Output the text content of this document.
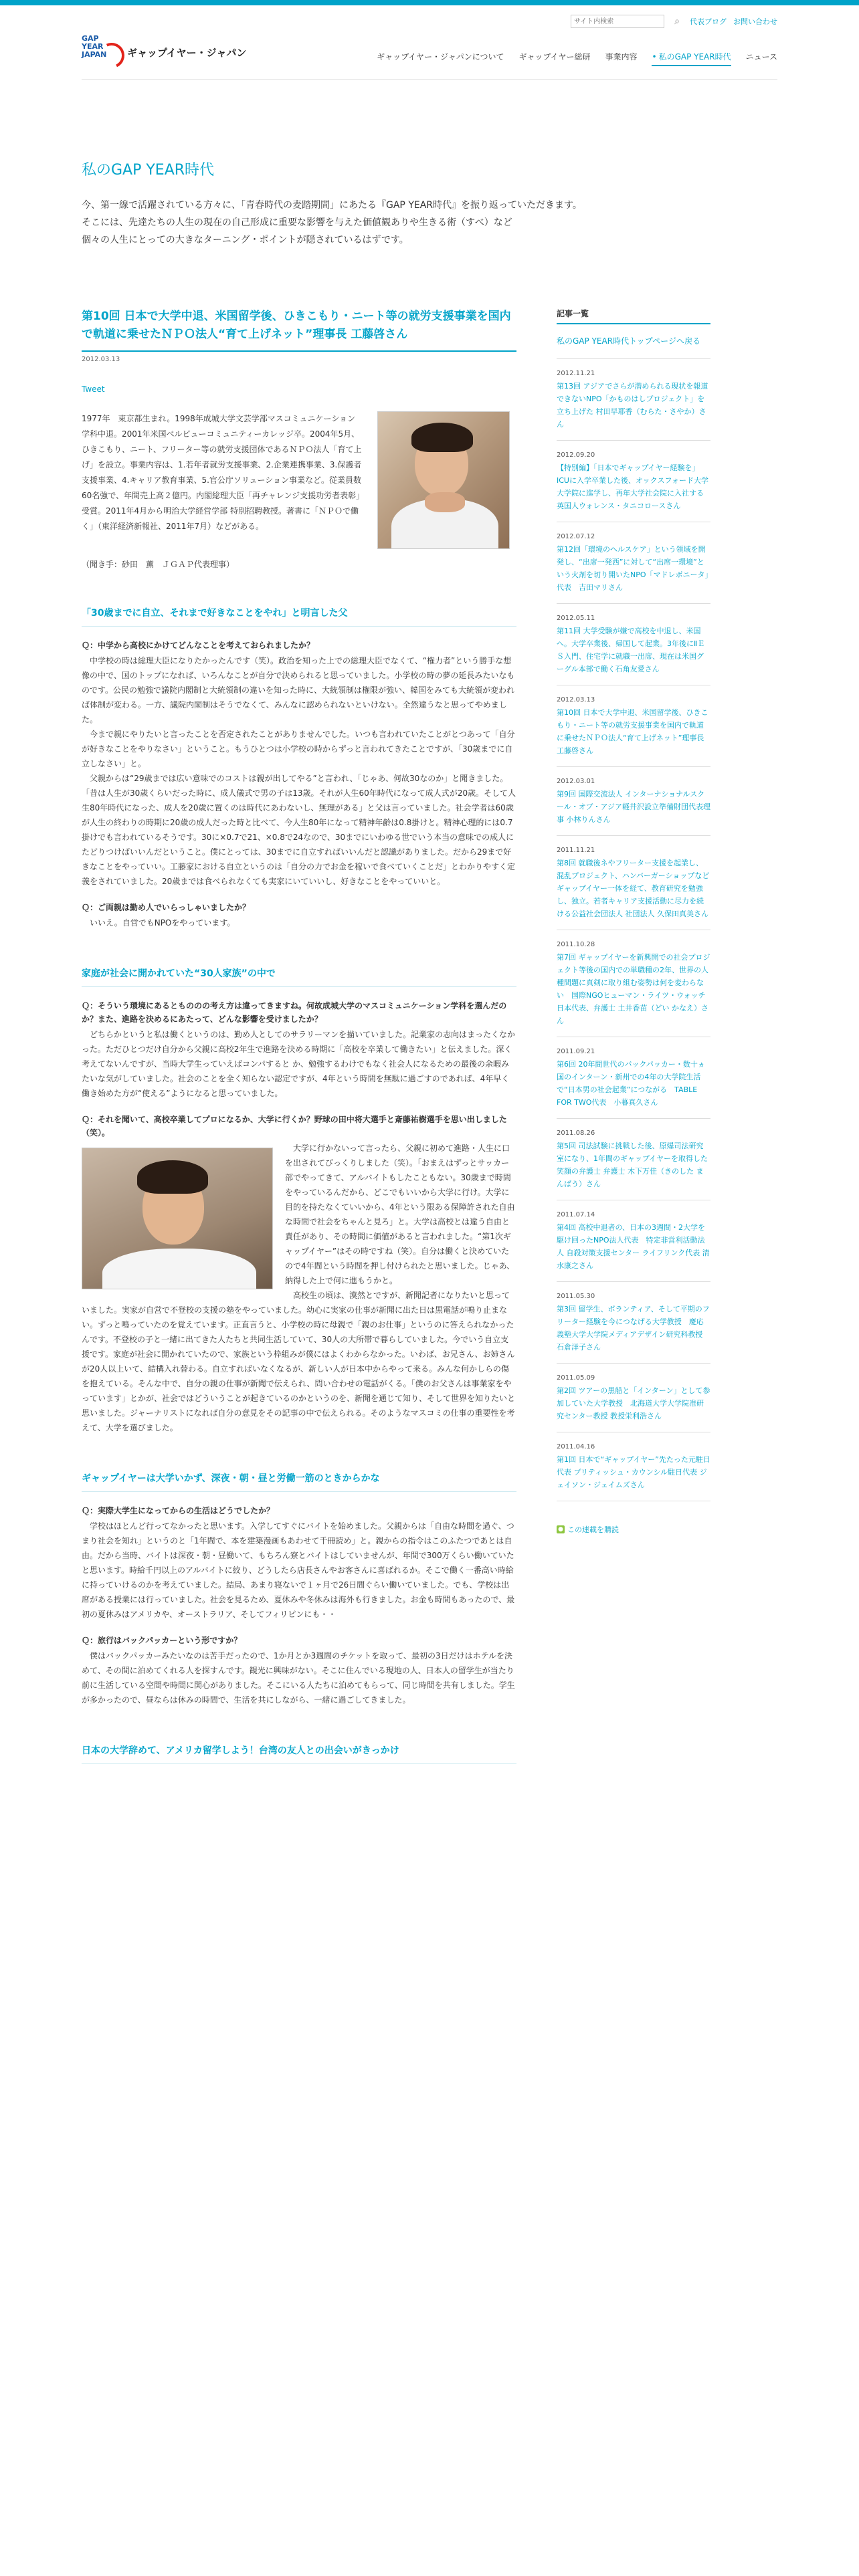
GAP YEAR
JAPAN	ギャップイヤー・ジャパン
サイト内検索
⌕	代表ブログ お問い合わせ
ギャップイヤー・ジャパンについて ギャップイヤー総研 事業内容
•	私のGAP YEAR時代 ニュース
私のGAP YEAR時代
今、第一線で活躍されている方々に、「青春時代の麦踏期間」にあたる『GAP YEAR時代』を振り返っていただきます。
そこには、先達たちの人生の現在の自己形成に重要な影響を与えた価値観ありや生きる術（すべ）など
個々の人生にとっての大きなターニング・ポイントが隠されているはずです。
第10回 日本で大学中退、米国留学後、ひきこもり・ニート等の就労支援事業を国内で軌道に乗せたＮＰＯ法人“育て上げネット”理事長 工藤啓さん
2012.03.13
Tweet
1977年　東京都生まれ。1998年成城大学文芸学部マスコミュニケーション学科中退。2001年米国ベルビューコミュニティーカレッジ卒。2004年5月、ひきこもり、ニート、フリーター等の就労支援団体であるＮＰＯ法人「育て上げ」を設立。事業内容は、1.若年者就労支援事業、2.企業連携事業、3.保護者支援事業、4.キャリア教育事業、5.官公庁ソリューション事業など。従業員数60名強で、年間売上高２億円。内閣総理大臣「再チャレンジ支援功労者表彰」受賞。2011年4月から明治大学経営学部 特別招聘教授。著書に「ＮＰＯで働く」（東洋経済新報社、2011年7月）などがある。
（聞き手：砂田　薫　ＪＧＡＰ代表理事）
「30歳までに自立、それまで好きなことをやれ」と明言した父
Ｑ：中学から高校にかけてどんなことを考えておられましたか？
　中学校の時は総理大臣になりたかったんです（笑）。政治を知った上での総理大臣でなくて、“権力者”という勝手な想像の中で、国のトップになれば、いろんなことが自分で決められると思っていました。小学校の時の夢の延長みたいなものです。公民の勉強で議院内閣制と大統領制の違いを知った時に、大統領制は権限が強い、韓国をみても大統領が変われば体制が変わる。一方、議院内閣制はそうでなくて、みんなに認められないといけない。全然違うなと思ってやめました。
　今まで親にやりたいと言ったことを否定されたことがありませんでした。いつも言われていたことがとつあって「自分が好きなことをやりなさい」ということ。もうひとつは小学校の時からずっと言われてきたことですが、「30歳までに自立しなさい」と。
　父親からは“29歳までは広い意味でのコストは親が出してやる”と言われ、「じゃあ、何故30なのか」と聞きました。「昔は人生が30歳くらいだった時に、成人儀式で男の子は13歳。それが人生60年時代になって成人式が20歳。そして人生80年時代になった、成人を20歳に置くのは時代にあわないし、無理がある」と父は言っていました。社会学者は60歳が人生の終わりの時期に20歳の成人だった時と比べて、今人生80年になって精神年齢は0.8掛けと。精神心理的には0.7掛けでも言われているそうです。30に×0.7で21、×0.8で24なので、30までにいわゆる世でいう本当の意味での成人にたどりつけばいいんだということ。僕にとっては、30までに自立すればいいんだと認識がありました。だから29まで好きなことをやっていい。工藤家における自立というのは「自分の力でお金を稼いで食べていくことだ」とわかりやすく定義をされていました。20歳までは食べられなくても実家にいていいし、好きなことをやっていいと。
Ｑ：ご両親は勤め人でいらっしゃいましたか？
　いいえ。自営でもNPOをやっています。
家庭が社会に開かれていた“30人家族”の中で
Ｑ：そういう環境にあるともののの考え方は違ってきますね。何故成城大学のマスコミュニケーション学科を選んだのか？また、進路を決めるにあたって、どんな影響を受けましたか？
　どちらかというと私は働くというのは、勤め人としてのサラリーマンを描いていました。記業家の志向はまったくなかった。ただひとつだけ自分から父親に高校2年生で進路を決める時期に「高校を卒業して働きたい」と伝えました。深く考えてないんですが、当時大学生っていえばコンパすると か、勉強するわけでもなく社会人になるための最後の余暇みたいな気がしていました。社会のことを全く知らない認定ですが、4年という時間を無駄に過ごすのであれば、4年早く働き始めた方が“使える”ようになると思っていました。
Ｑ：それを聞いて、高校卒業してプロになるか、大学に行くか？野球の田中将大選手と斎藤祐樹選手を思い出しました（笑）。
　大学に行かないって言ったら、父親に初めて進路・人生に口を出されてびっくりしました（笑）。「おまえはずっとサッカー部でやってきて、アルバイトもしたこともない。30歳まで時間をやっているんだから、どこでもいいから大学に行け。大学に目的を持たなくていいから、4年という限ある保障許された自由な時間で社会をちゃんと見ろ」と。大学は高校とは違う自由と責任があり、その時間に価値があると言われました。“第1次ギャップイヤー”はその時ですね（笑）。自分は働くと決めていたので4年間という時間を押し付けられたと思いました。じゃあ、納得した上で何に進もうかと。
　高校生の頃は、漠然とですが、新聞記者になりたいと思っていました。実家が自営で不登校の支援の塾をやっていました。幼心に実家の仕事が新聞に出た日は黒電話が鳴り止まない。ずっと鳴っていたのを覚えています。正直言うと、小学校の時に母親で「親のお仕事」というのに答えられなかった んです。不登校の子と一緒に出てきた人たちと共同生活していて、30人の大所帯で暮らしていました。今でいう自立支援です。家庭が社会に開かれていたので、家族という枠組みが僕にはよくわからなかった。いわば、お兄さん、お姉さんが20人以上いて、結構入れ替わる。自立すればいなくなるが、新しい人が日本中からやって来る。みんな何かしらの傷を抱えている。そんな中で、自分の親の仕事が新聞で伝えられ、問い合わせの電話がくる。「僕のお父さんは事業家をやっています」とかが、社会ではどういうことが起きているのかというのを、新聞を通じて知り、そして世界を知りたいと思いました。ジャーナリストになれば自分の意見をその記事の中で伝えられる。そのようなマスコミの仕事の重要性を考えて、大学を選びました。
ギャップイヤーは大学いかず、深夜・朝・昼と労働一筋のときからかな
Ｑ：実際大学生になってからの生活はどうでしたか？
　学校はほとんど行ってなかったと思います。入学してすぐにバイトを始めました。父親からは「自由な時間を過ぐ、つまり社会を知れ」というのと「1年間で、本を建築漫画もあわせて千冊読め」と。親からの指令はこのふたつであとは自由。だから当時、バイトは深夜・朝・昼働いて、もちろん寮とバイトはしていませんが、年間で300万くらい働いていたと思います。時給千円以上のアルバイトに絞り、どうしたら店長さんやお客さんに喜ばれるか。そこで働く一番高い時給に持っていけるのかを考えていました。結局、あまり寝ないで１ヶ月で26日間ぐらい働いていました。でも、学校は出席がある授業には行っていました。社会を見るため、夏休みや冬休みは海外も行きました。お金も時間もあったので、最初の夏休みはアメリカや、オーストラリア、そしてフィリピンにも・・
Ｑ：旅行はバックパッカーという形ですか？
　僕はバックパッカーみたいなのは苦手だったので、1か月とか3週間のチケットを取って、最初の3日だけはホテルを決めて、その間に泊めてくれる人を探すんです。観光に興味がない。そこに住んでいる現地の人、日本人の留学生が当たり前に生活している空間や時間に関心がありました。そこにいる人たちに泊めてもらって、同じ時間を共有しました。学生が多かったので、昼ならは休みの時間で、生活を共にしながら、一緒に過ごしてきました。
日本の大学辞めて、アメリカ留学しよう！台湾の友人との出会いがきっかけ
記事一覧
私のGAP YEAR時代トップページへ戻る
2012.11.21
第13回 アジアでさらが潜められる現状を報道できないNPO「かものはしプロジェクト」を立ち上げた 村田早耶香（むらた・さやか）さん
2012.09.20
【特別編】「日本でギャップイヤー経験を」ICUに入学卒業した後、オックスフォード大学大学院に進学し、再年大学社会院に入社する英国人ウォレンス・タニコロースさん
2012.07.12
第12回「環境のヘルスケア」という領域を開発し、“出席一発西”に対して“出席一環境”という火剤を切り開いたNPO「マドレボニータ」代表　吉田マリさん
2012.05.11
第11回 大学受験が嫌で高校を中退し、米国へ。大学卒業後、帰国して起業。3年後にⅡＥＳ入門、住宅学に就職一出席、現在は米国グーグル本部で働く石角友愛さん
2012.03.13
第10回 日本で大学中退、米国留学後、ひきこもり・ニート等の就労支援事業を国内で軌道に乗せたＮＰＯ法人“育て上げネット”理事長 工藤啓さん
2012.03.01
第9回 国際交流法人 インターナショナルスクール・オブ・アジア軽井沢設立準備財団代表理事 小林りんさん
2011.11.21
第8回 就職後ネやフリーター支援を起業し、混乱プロジェクト、ハンバーガーショップなどギャップイヤー一体を経て、教育研究を勉強し、独立。若者キャリア支援活動に尽力を続ける公益社会団法人 社団法人 久保田真美さん
2011.10.28
第7回 ギャップイヤーを新興開での社会プロジェクト等後の国内での単職種の2年、世界の人種間題に真剣に取り組む姿勢は何を変わらない　国際NGOヒューマン・ライツ・ウォッチ 日本代表、弁護士 土井香苗（どい かなえ）さん
2011.09.21
第6回 20年間世代のバックパッカー・数十ヵ国のインターン・新州での4年の大学院生活で“日本男の社会起業”につながる　TABLE FOR TWO代表　小暮真久さん
2011.08.26
第5回 司法試験に挑戦した後、原爆司法研究室になり、1年間のギャップイヤーを取得した 笑顔の弁護士 弁護士 木下万佳（きのした まんばう）さん
2011.07.14
第4回 高校中退者の、日本の3週間・2大学を駆け回ったNPO法人代表　特定非営利活動法人 自殺対策支援センター ライフリンク代表 清水康之さん
2011.05.30
第3回 留学生、ボランティア、そして平期のフリーター経験を今につなげる大学教授　慶応義塾大学大学院メディアデザイン研究科教授　石倉洋子さん
2011.05.09
第2回 ツアーの黒船と「インターン」として参加していた大学教授　北海道大学大学院准研究センター教授 教授栄利浩さん
2011.04.16
第1回 日本で“ギャップイヤー”先たった元駐日代表 ブリティッシュ・カウンシル駐日代表 ジェイソン・ジェイムズさん
● この連載を購読
